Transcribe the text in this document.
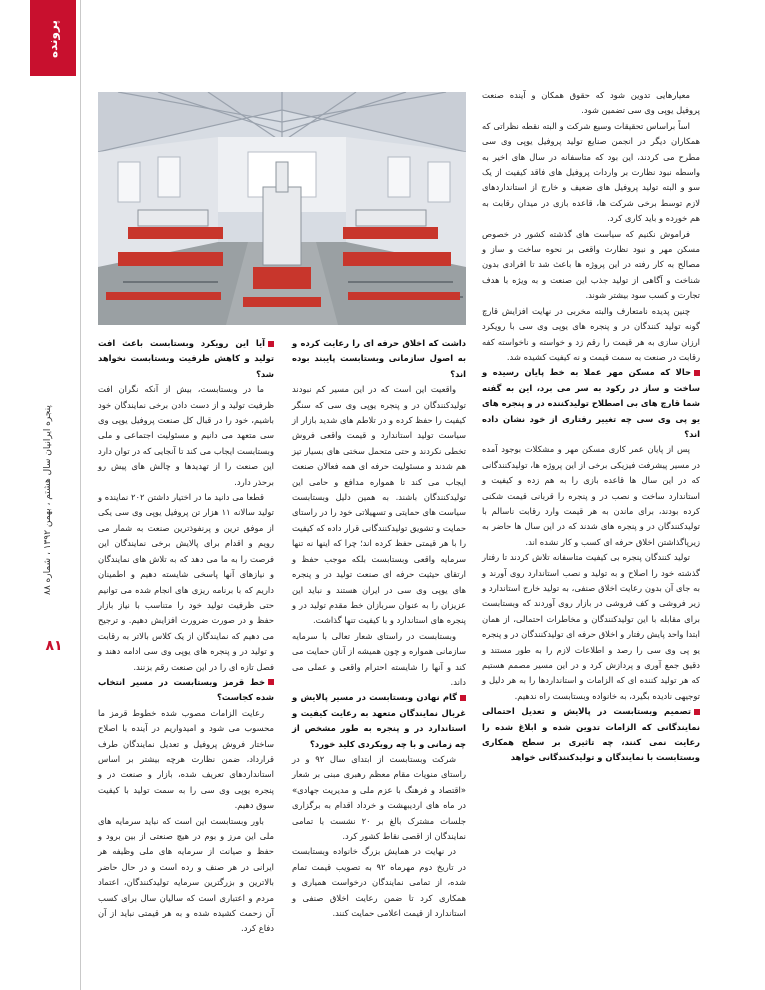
پرونده
پنجره ایرانیان سال هشتم ، بهمن ۱۳۹۲ ، شماره ۸۸
۸۱

معیارهایی تدوین شود که حقوق همکان و آینده صنعت پروفیل یوپی وی سی تضمین شود.

اساً براساس تحقیقات وسیع شرکت و البته نقطه نظراتی که همکاران دیگر در انجمن صنایع تولید پروفیل یوپی وی سی مطرح می کردند، این بود که متاسفانه در سال های اخیر به واسطه نبود نظارت بر واردات پروفیل های فاقد کیفیت از یک سو و البته تولید پروفیل های ضعیف و خارج از استانداردهای لازم توسط برخی شرکت ها، قاعده بازی در میدان رقابت به هم خورده و باید کاری کرد.

فراموش نکنیم که سیاست های گذشته کشور در خصوص مسکن مهر و نبود نظارت واقعی بر نحوه ساخت و ساز و مصالح به کار رفته در این پروژه ها باعث شد تا افرادی بدون شناخت و آگاهی از تولید جذب این صنعت و به ویژه با هدف تجارت و کسب سود بیشتر شوند.

چنین پدیده نامتعارف والبته مخربی در نهایت افزایش قارچ گونه تولید کنندگان در و پنجره های یوپی وی سی با رویکرد ارزان سازی به هر قیمت را رقم زد و خواسته و ناخواسته کفه رقابت در صنعت به سمت قیمت و نه کیفیت کشیده شد.

حالا که مسکن مهر عملا به خط پایان رسیده و ساخت و ساز در رکود به سر می برد، این به گفته شما قارچ های بی اصطلاح تولیدکننده در و پنجره های یو پی وی سی چه تغییر رفتاری از خود نشان داده اند؟

پس از پایان عمر کاری مسکن مهر و مشکلات بوجود آمده در مسیر پیشرفت فیزیکی برخی از این پروژه ها، تولیدکنندگانی که در این سال ها قاعده بازی را به هم زده و کیفیت و استاندارد ساخت و نصب در و پنجره را قربانی قیمت شکنی کرده بودند، برای ماندن به هر قیمت وارد رقابت ناسالم با تولیدکنندگان در و پنجره های شدند که در این سال ها حاضر به زیرپاگذاشتن اخلاق حرفه ای کسب و کار نشده اند.

تولید کنندگان پنجره بی کیفیت متاسفانه تلاش کردند تا رفتار گذشته خود را اصلاح و به تولید و نصب استاندارد روی آورند و به جای آن بدون رعایت اخلاق صنفی، به تولید خارج استاندارد و زیر فروشی و کف فروشی در بازار روی آوردند که وبستابست برای مقابله با این تولیدکنندگان و مخاطرات احتمالی، از همان ابتدا واحد پایش رفتار و اخلاق حرفه ای تولیدکنندگان در و پنجره یو پی وی سی را رصد و اطلاعات لازم را به طور مستند و دقیق جمع آوری و پردازش کرد و در این مسیر مصمم هستیم که هر تولید کننده ای که الزامات و استانداردها را به هر دلیل و توجیهی نادیده بگیرد، به خانواده وبستابست راه ندهیم.

تصمیم وبستابست در پالایش و تعدیل احتمالی نمایندگانی که الزامات تدوین شده و ابلاغ شده را رعایت نمی کنند، چه تاثیری بر سطح همکاری وبستابست با نمایندگان و تولیدکنندگانی خواهد

داشت که اخلاق حرفه ای را رعایت کرده و به اصول سازمانی وبستابست پایبند بوده اند؟

واقعیت این است که در این مسیر کم نبودند تولیدکنندگان در و پنجره یوپی وی سی که سنگر کیفیت را حفظ کرده و در تلاطم های شدید بازار از سیاست تولید استاندارد و قیمت واقعی فروش تخطی نکردند و حتی متحمل سختی های بسیار تیز هم شدند و مسئولیت حرفه ای همه فعالان صنعت ایجاب می کند تا همواره مدافع و حامی این تولیدکنندگان باشند. به همین دلیل وبستابست سیاست های حمایتی و تسهیلاتی خود را در راستای حمایت و تشویق تولیدکنندگانی قرار داده که کیفیت را با هر قیمتی حفظ کرده اند؛ چرا که اینها نه تنها سرمایه واقعی وبستابست بلکه موجب حفظ و ارتقای حیثیت حرفه ای صنعت تولید در و پنجره های یوپی وی سی در ایران هستند و نباید این عزیزان را به عنوان سربازان خط مقدم تولید در و پنجره های استاندارد و با کیفیت تنها گذاشت.

وبستابست در راستای شعار تعالی با سرمایه سازمانی همواره و چون همیشه از آنان حمایت می کند و آنها را شایسته احترام واقعی و عملی می داند.

گام نهادن وبستابست در مسیر پالایش و غربال نمایندگان متعهد به رعایت کیفیت و استاندارد در و پنجره به طور مشخص از چه زمانی و با چه رویکردی کلید خورد؟

شرکت وبستابست از ابتدای سال ۹۲ و در راستای منویات مقام معظم رهبری مبنی بر شعار «اقتصاد و فرهنگ با عزم ملی و مدیریت جهادی» در ماه های اردیبهشت و خرداد اقدام به برگزاری جلسات مشترک بالغ بر ۲۰ نشست با تمامی نمایندگان از اقصی نقاط کشور کرد.

در نهایت در همایش بزرگ خانواده وبستابست در تاریخ دوم مهرماه ۹۲ به تصویب قیمت تمام شده، از تمامی نمایندگان درخواست همیاری و همکاری کرد تا ضمن رعایت اخلاق صنفی و استاندارد از قیمت اعلامی حمایت کنند.

آیا این رویکرد وبستابست باعث افت تولید و کاهش ظرفیت وبستابست نخواهد شد؟

ما در وبستابست، بیش از آنکه نگران افت ظرفیت تولید و از دست دادن برخی نمایندگان خود باشیم، خود را در قبال کل صنعت پروفیل یوپی وی سی متعهد می دانیم و مسئولیت اجتماعی و ملی وبستابست ایجاب می کند تا آنجایی که در توان دارد این صنعت را از تهدیدها و چالش های پیش رو برحذر دارد.

قطعا می دانید ما در اختیار داشتن ۲۰۲ نماینده و تولید سالانه ۱۱ هزار تن پروفیل یوپی وی سی یکی از موفق ترین و پرنفوذترین صنعت به شمار می رویم و اقدام برای پالایش برخی نمایندگان این فرصت را به ما می دهد که به تلاش های نمایندگان و نیازهای آنها پاسخی شایسته دهیم و اطمینان داریم که با برنامه ریزی های انجام شده می توانیم حتی ظرفیت تولید خود را متناسب با نیاز بازار حفظ و در صورت ضرورت افزایش دهیم. و ترجیح می دهیم که نمایندگان از یک کلاس بالاتر به رقابت و تولید در و پنجره های یوپی وی سی ادامه دهند و فصل تازه ای را در این صنعت رقم بزنند.

خط قرمز وبستابست در مسیر انتخاب شده کجاست؟

رعایت الزامات مصوب شده خطوط قرمز ما محسوب می شود و امیدواریم در آینده با اصلاح ساختار فروش پروفیل و تعدیل نمایندگان طرف قرارداد، ضمن نظارت هرچه بیشتر بر اساس استانداردهای تعریف شده، بازار و صنعت در و پنجره یوپی وی سی را به سمت تولید با کیفیت سوق دهیم.

باور وبستابست این است که نباید سرمایه های ملی این مرز و بوم در هیچ صنعتی از بین برود و حفظ و صیانت از سرمایه های ملی وظیفه هر ایرانی در هر صنف و رده است و در حال حاضر بالاترین و بزرگترین سرمایه تولیدکنندگان، اعتماد مردم و اعتباری است که سالیان سال برای کسب آن زحمت کشیده شده و به هر قیمتی نباید از آن دفاع کرد.
